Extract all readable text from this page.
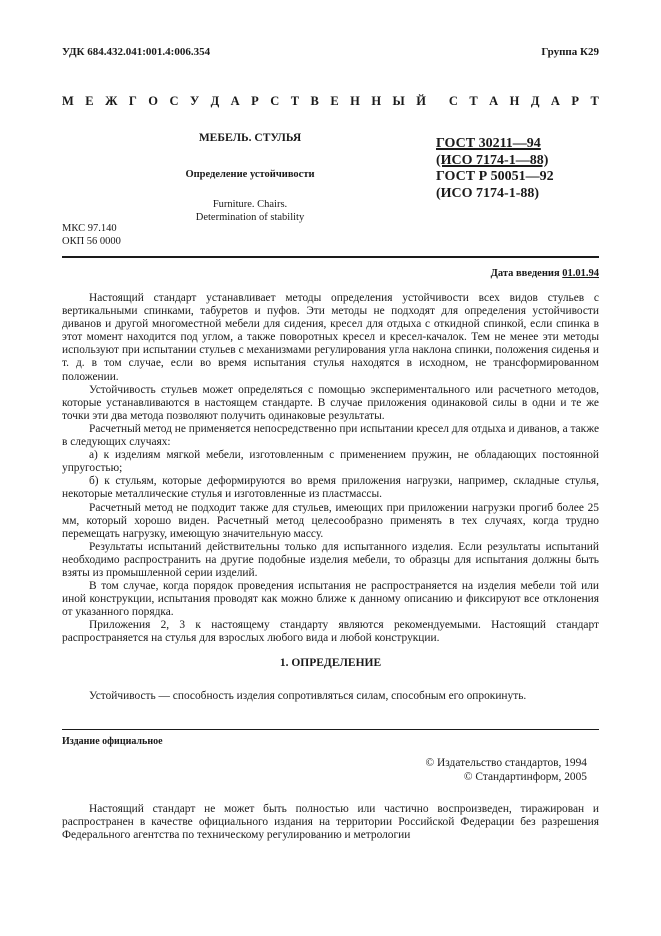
УДК 684.432.041:001.4:006.354	Группа К29
М Е Ж Г О С У Д А Р С Т В Е Н Н Ы Й С Т А Н Д А Р Т
МЕБЕЛЬ. СТУЛЬЯ
Определение устойчивости
Furniture. Chairs.
Determination of stability
ГОСТ 30211—94
(ИСО 7174-1—88)
ГОСТ Р 50051—92
(ИСО 7174-1-88)
МКС 97.140
ОКП 56 0000
Дата введения 01.01.94

Настоящий стандарт устанавливает методы определения устойчивости всех видов стульев с вертикальными спинками, табуретов и пуфов. Эти методы не подходят для определения устойчивости диванов и другой многоместной мебели для сидения, кресел для отдыха с откидной спинкой, если спинка в этот момент находится под углом, а также поворотных кресел и кресел-качалок. Тем не менее эти методы используют при испытании стульев с механизмами регулирования угла наклона спинки, положения сиденья и т. д. в том случае, если во время испытания стулья находятся в исходном, не трансформированном положении.

Устойчивость стульев может определяться с помощью экспериментального или расчетного методов, которые устанавливаются в настоящем стандарте. В случае приложения одинаковой силы в одни и те же точки эти два метода позволяют получить одинаковые результаты.

Расчетный метод не применяется непосредственно при испытании кресел для отдыха и диванов, а также в следующих случаях:

а) к изделиям мягкой мебели, изготовленным с применением пружин, не обладающих постоянной упругостью;

б) к стульям, которые деформируются во время приложения нагрузки, например, складные стулья, некоторые металлические стулья и изготовленные из пластмассы.

Расчетный метод не подходит также для стульев, имеющих при приложении нагрузки прогиб более 25 мм, который хорошо виден. Расчетный метод целесообразно применять в тех случаях, когда трудно перемещать нагрузку, имеющую значительную массу.

Результаты испытаний действительны только для испытанного изделия. Если результаты испытаний необходимо распространить на другие подобные изделия мебели, то образцы для испытания должны быть взяты из промышленной серии изделий.

В том случае, когда порядок проведения испытания не распространяется на изделия мебели той или иной конструкции, испытания проводят как можно ближе к данному описанию и фиксируют все отклонения от указанного порядка.

Приложения 2, 3 к настоящему стандарту являются рекомендуемыми. Настоящий стандарт распространяется на стулья для взрослых любого вида и любой конструкции.

1. ОПРЕДЕЛЕНИЕ
Устойчивость — способность изделия сопротивляться силам, способным его опрокинуть.
Издание официальное
© Издательство стандартов, 1994
© Стандартинформ, 2005

Настоящий стандарт не может быть полностью или частично воспроизведен, тиражирован и распространен в качестве официального издания на территории Российской Федерации без разрешения Федерального агентства по техническому регулированию и метрологии
